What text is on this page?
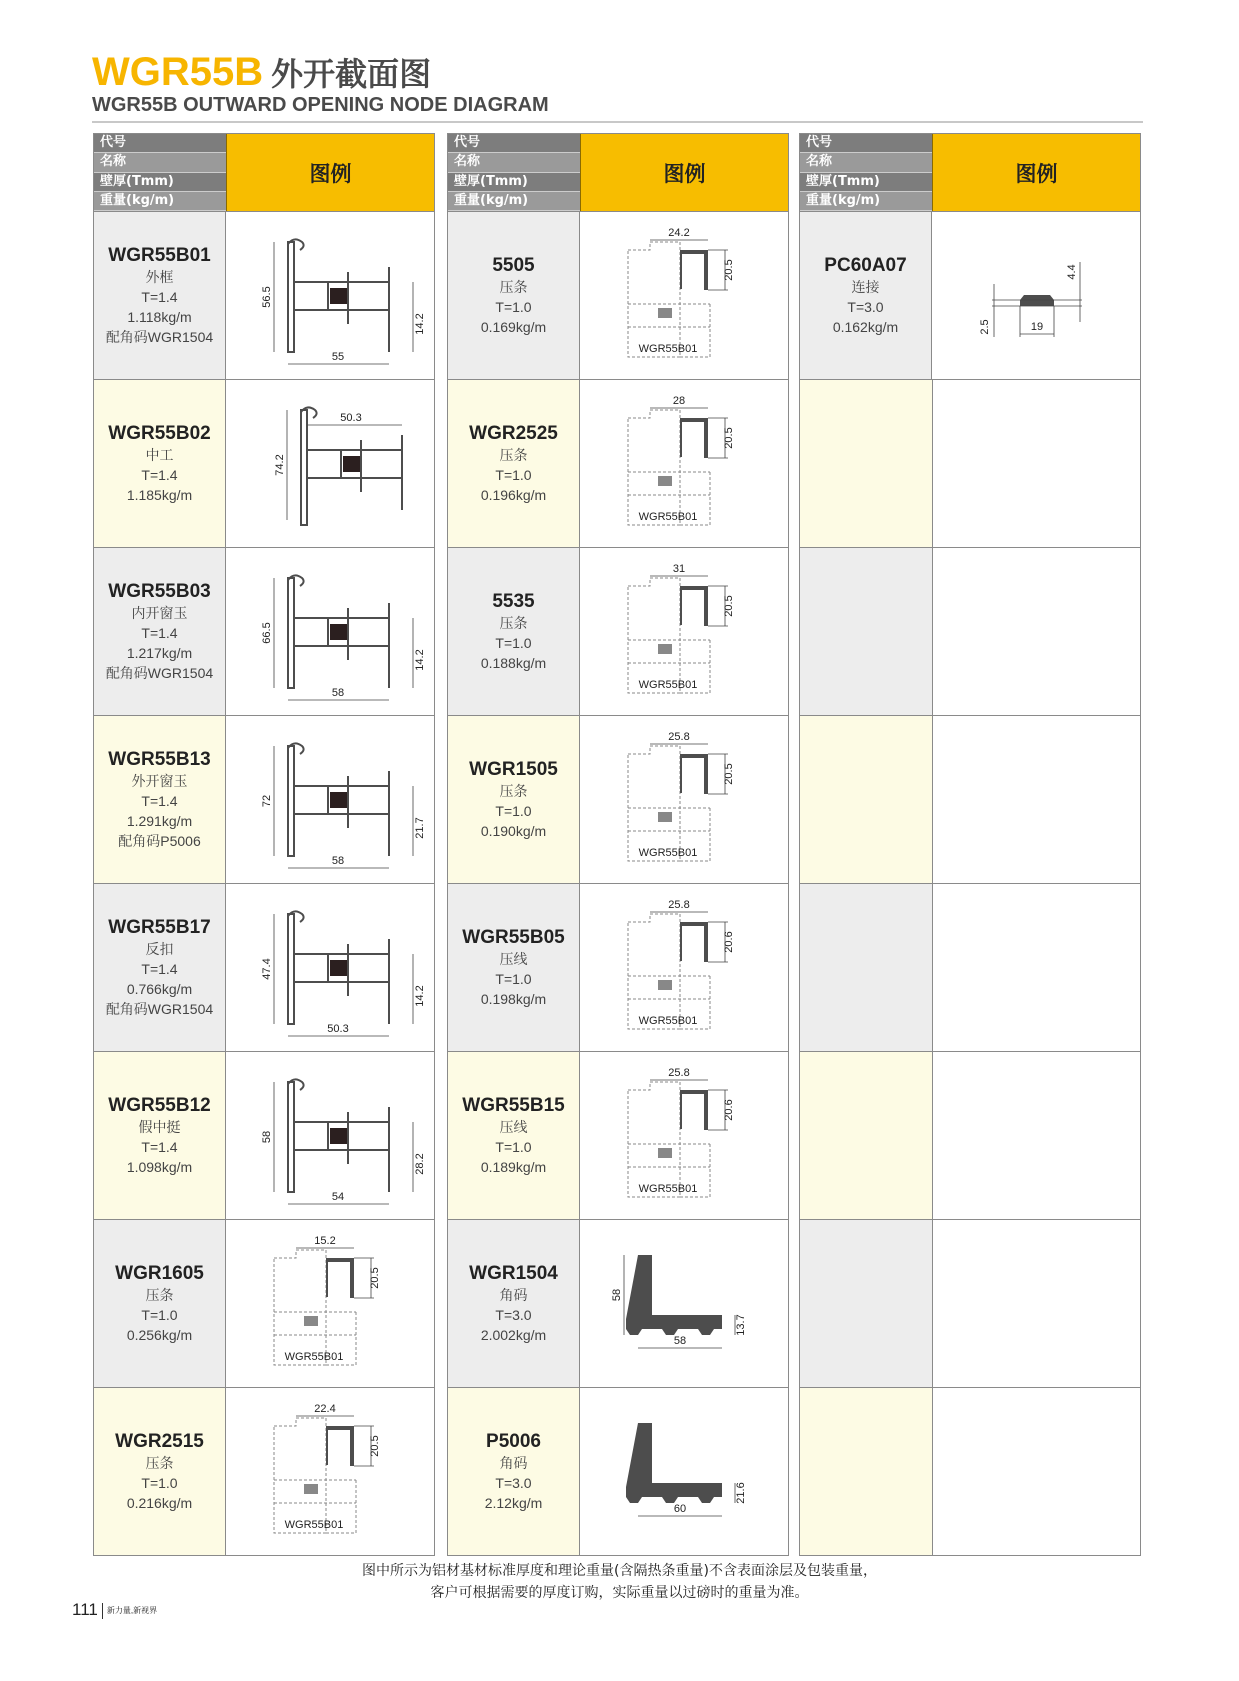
WGR55B 外开截面图
WGR55B OUTWARD OPENING NODE DIAGRAM
代号
名称
壁厚(Tmm)
重量(kg/m)
图例
WGR55B01
外框
T=1.4
1.118kg/m
配角码WGR1504
56.5
55
14.2
WGR55B02
中工
T=1.4
1.185kg/m
74.2
50.3
WGR55B03
内开窗玉
T=1.4
1.217kg/m
配角码WGR1504
66.5
58
14.2
WGR55B13
外开窗玉
T=1.4
1.291kg/m
配角码P5006
72
58
21.7
WGR55B17
反扣
T=1.4
0.766kg/m
配角码WGR1504
47.4
50.3
14.2
WGR55B12
假中挺
T=1.4
1.098kg/m
58
54
28.2
WGR1605
压条
T=1.0
0.256kg/m
15.2
20.5
WGR55B01
WGR2515
压条
T=1.0
0.216kg/m
22.4
20.5
WGR55B01
代号
名称
壁厚(Tmm)
重量(kg/m)
图例
5505
压条
T=1.0
0.169kg/m
24.2
20.5
WGR55B01
WGR2525
压条
T=1.0
0.196kg/m
28
20.5
WGR55B01
5535
压条
T=1.0
0.188kg/m
31
20.5
WGR55B01
WGR1505
压条
T=1.0
0.190kg/m
25.8
20.5
WGR55B01
WGR55B05
压线
T=1.0
0.198kg/m
25.8
20.6
WGR55B01
WGR55B15
压线
T=1.0
0.189kg/m
25.8
20.6
WGR55B01
WGR1504
角码
T=3.0
2.002kg/m
58
58
13.7
P5006
角码
T=3.0
2.12kg/m	60
21.6
代号
名称
壁厚(Tmm)
重量(kg/m)
图例
PC60A07
连接
T=3.0
0.162kg/m
4.4
2.5	19
图中所示为铝材基材标准厚度和理论重量(含隔热条重量)不含表面涂层及包装重量，
客户可根据需要的厚度订购，实际重量以过磅时的重量为准。
111 新力量,新视界
